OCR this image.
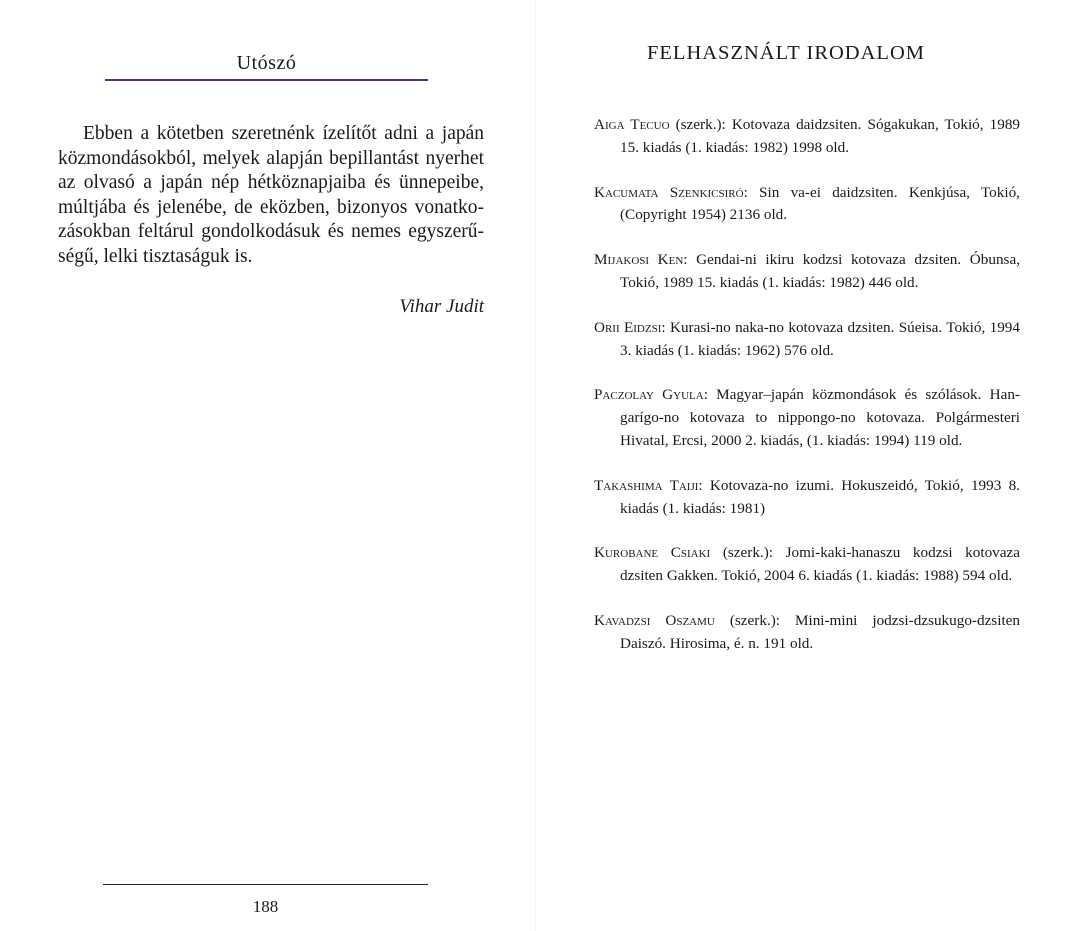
Utószó

Ebben a kötetben szeretnénk ízelítőt adni a japán közmondásokból, melyek alapján bepillantást nyerhet az olvasó a japán nép hétköznapjaiba és ünnepeibe, múltjába és jelenébe, de eközben, bizonyos vonatko-zásokban feltárul gondolkodásuk és nemes egyszerű-ségű, lelki tisztaságuk is.

Vihar Judit
188
FELHASZNÁLT IRODALOM
Aiga Tecuo (szerk.): Kotovaza daidzsiten. Sógakukan, Tokió, 1989 15. kiadás (1. kiadás: 1982) 1998 old.
Kacumata Szenkicsiró: Sin va-ei daidzsiten. Kenkjúsa, Tokió, (Copyright 1954) 2136 old.
Mijakosi Ken: Gendai-ni ikiru kodzsi kotovaza dzsiten. Óbunsa, Tokió, 1989 15. kiadás (1. kiadás: 1982) 446 old.
Orii Eidzsi: Kurasi-no naka-no kotovaza dzsiten. Súeisa. Tokió, 1994 3. kiadás (1. kiadás: 1962) 576 old.
Paczolay Gyula: Magyar–japán közmondások és szólások. Han-garígo-no kotovaza to nippongo-no kotovaza. Polgármesteri Hivatal, Ercsi, 2000 2. kiadás, (1. kiadás: 1994) 119 old.
Takashima Taiji: Kotovaza-no izumi. Hokuszeidó, Tokió, 1993 8. kiadás (1. kiadás: 1981)
Kurobane Csiaki (szerk.): Jomi-kaki-hanaszu kodzsi kotovaza dzsiten Gakken. Tokió, 2004 6. kiadás (1. kiadás: 1988) 594 old.
Kavadzsi Oszamu (szerk.): Mini-mini jodzsi-dzsukugo-dzsiten Daiszó. Hirosima, é. n. 191 old.
